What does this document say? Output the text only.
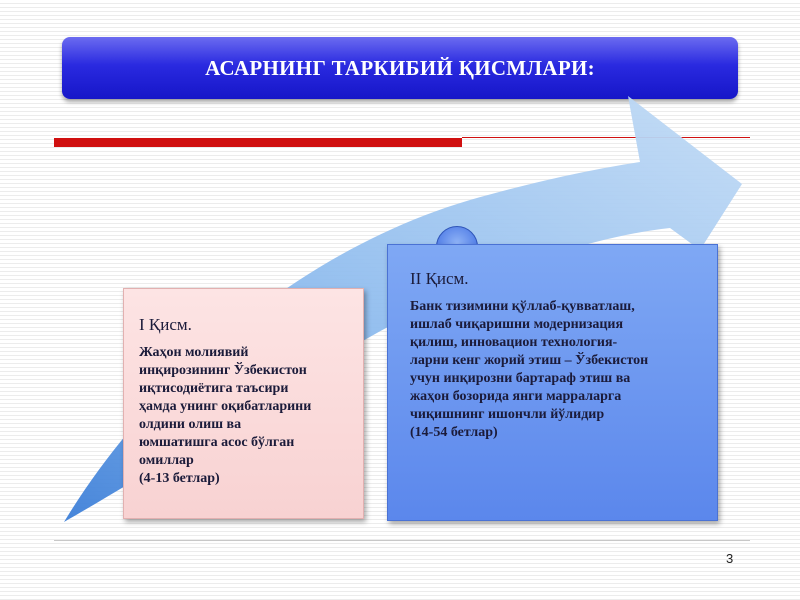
АСАРНИНГ ТАРКИБИЙ ҚИСМЛАРИ:
I Қисм.
Жаҳон молиявий
инқирозининг Ўзбекистон
иқтисодиётига таъсири
ҳамда унинг оқибатларини
олдини олиш ва
юмшатишга асос бўлган
омиллар
(4-13 бетлар)
II Қисм.
Банк тизимини қўллаб-қувватлаш,
ишлаб чиқаришни модернизация
қилиш, инновацион технология-
ларни кенг жорий этиш – Ўзбекистон
учун инқирозни бартараф этиш ва
жаҳон бозорида янги марраларга
чиқишнинг ишончли йўлидир
(14-54 бетлар)
3
